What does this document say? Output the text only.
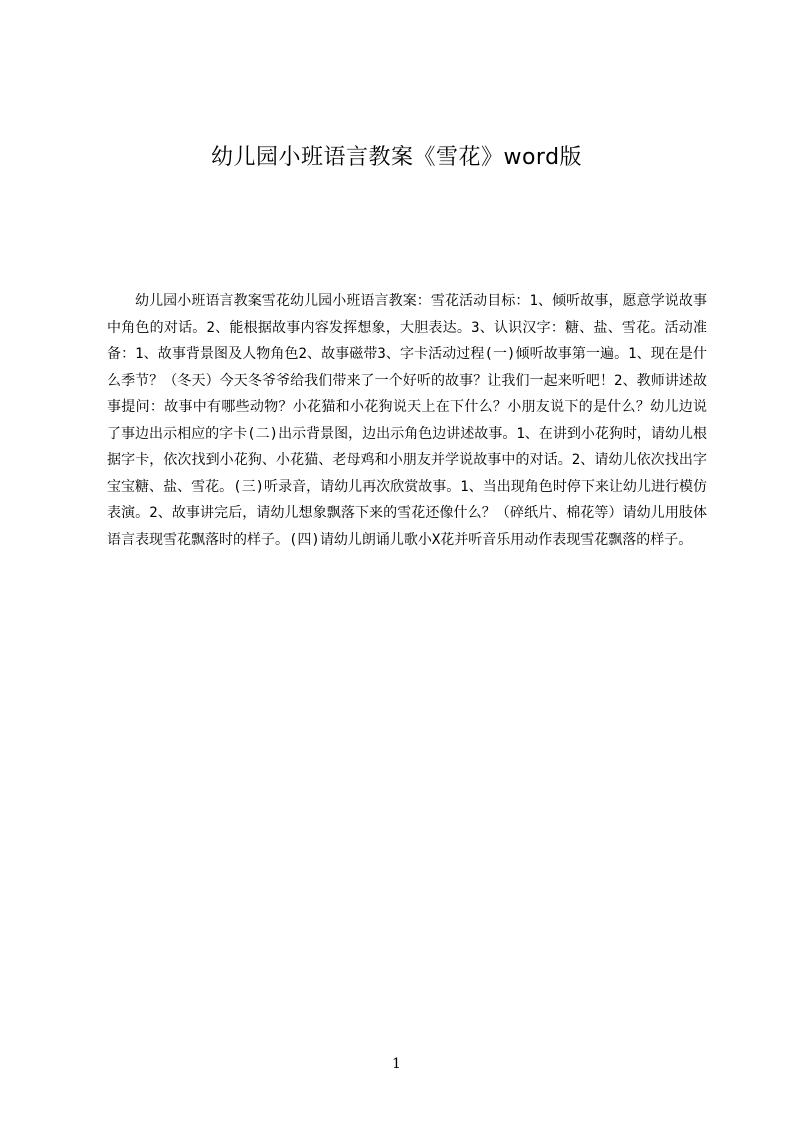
幼儿园小班语言教案《雪花》word版

幼儿园小班语言教案雪花幼儿园小班语言教案：雪花活动目标：1、倾听故事，愿意学说故事中角色的对话。2、能根据故事内容发挥想象，大胆表达。3、认识汉字：糖、盐、雪花。活动准备：1、故事背景图及人物角色2、故事磁带3、字卡活动过程(一)倾听故事第一遍。1、现在是什么季节？（冬天）今天冬爷爷给我们带来了一个好听的故事？让我们一起来听吧！2、教师讲述故事提问：故事中有哪些动物？小花猫和小花狗说天上在下什么？小朋友说下的是什么？幼儿边说了事边出示相应的字卡(二)出示背景图，边出示角色边讲述故事。1、在讲到小花狗时，请幼儿根据字卡，依次找到小花狗、小花猫、老母鸡和小朋友并学说故事中的对话。2、请幼儿依次找出字宝宝糖、盐、雪花。(三)听录音，请幼儿再次欣赏故事。1、当出现角色时停下来让幼儿进行模仿表演。2、故事讲完后，请幼儿想象飘落下来的雪花还像什么？（碎纸片、棉花等）请幼儿用肢体语言表现雪花飘落时的样子。(四)请幼儿朗诵儿歌小X花并听音乐用动作表现雪花飘落的样子。

1
